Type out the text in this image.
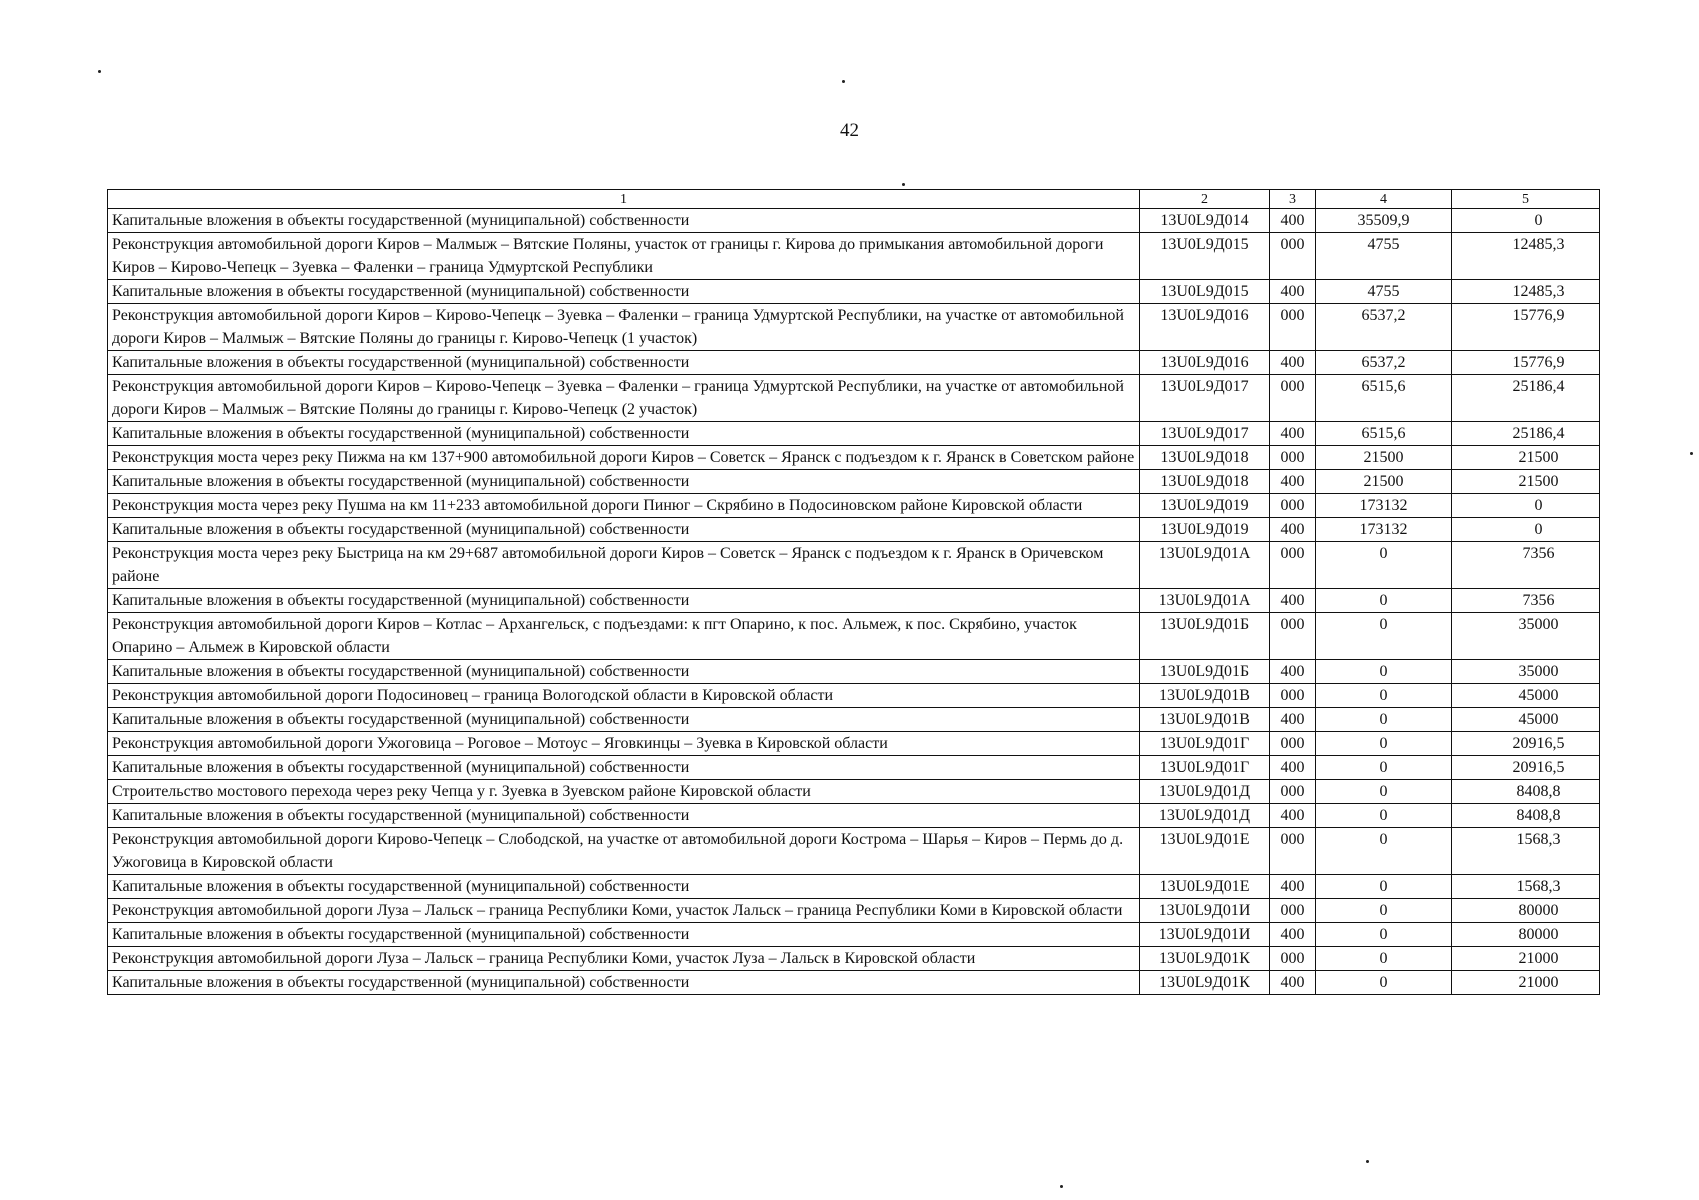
42
1	2	3	4	5
Капитальные вложения в объекты государственной (муниципальной) собственности	13U0L9Д014	400	35509,9	0
Реконструкция автомобильной дороги Киров – Малмыж – Вятские Поляны, участок от границы г. Кирова до примыкания автомобильной дороги Киров – Кирово-Чепецк – Зуевка – Фаленки – граница Удмуртской Республики	13U0L9Д015	000	4755	12485,3
Капитальные вложения в объекты государственной (муниципальной) собственности	13U0L9Д015	400	4755	12485,3
Реконструкция автомобильной дороги Киров – Кирово-Чепецк – Зуевка – Фаленки – граница Удмуртской Республики, на участке от автомобильной дороги Киров – Малмыж – Вятские Поляны до границы г. Кирово-Чепецк (1 участок)	13U0L9Д016	000	6537,2	15776,9
Капитальные вложения в объекты государственной (муниципальной) собственности	13U0L9Д016	400	6537,2	15776,9
Реконструкция автомобильной дороги Киров – Кирово-Чепецк – Зуевка – Фаленки – граница Удмуртской Республики, на участке от автомобильной дороги Киров – Малмыж – Вятские Поляны до границы г. Кирово-Чепецк (2 участок)	13U0L9Д017	000	6515,6	25186,4
Капитальные вложения в объекты государственной (муниципальной) собственности	13U0L9Д017	400	6515,6	25186,4
Реконструкция моста через реку Пижма на км 137+900 автомобильной дороги Киров – Советск – Яранск с подъездом к г. Яранск в Советском районе	13U0L9Д018	000	21500	21500
Капитальные вложения в объекты государственной (муниципальной) собственности	13U0L9Д018	400	21500	21500
Реконструкция моста через реку Пушма на км 11+233 автомобильной дороги Пинюг – Скрябино в Подосиновском районе Кировской области	13U0L9Д019	000	173132	0
Капитальные вложения в объекты государственной (муниципальной) собственности	13U0L9Д019	400	173132	0
Реконструкция моста через реку Быстрица на км 29+687 автомобильной дороги Киров – Советск – Яранск с подъездом к г. Яранск в Оричевском районе	13U0L9Д01А	000	0	7356
Капитальные вложения в объекты государственной (муниципальной) собственности	13U0L9Д01А	400	0	7356
Реконструкция автомобильной дороги Киров – Котлас – Архангельск, с подъездами: к пгт Опарино, к пос. Альмеж, к пос. Скрябино, участок Опарино – Альмеж в Кировской области	13U0L9Д01Б	000	0	35000
Капитальные вложения в объекты государственной (муниципальной) собственности	13U0L9Д01Б	400	0	35000
Реконструкция автомобильной дороги Подосиновец – граница Вологодской области в Кировской области	13U0L9Д01В	000	0	45000
Капитальные вложения в объекты государственной (муниципальной) собственности	13U0L9Д01В	400	0	45000
Реконструкция автомобильной дороги Ужоговица – Роговое – Мотоус – Яговкинцы – Зуевка в Кировской области	13U0L9Д01Г	000	0	20916,5
Капитальные вложения в объекты государственной (муниципальной) собственности	13U0L9Д01Г	400	0	20916,5
Строительство мостового перехода через реку Чепца у г. Зуевка в Зуевском районе Кировской области	13U0L9Д01Д	000	0	8408,8
Капитальные вложения в объекты государственной (муниципальной) собственности	13U0L9Д01Д	400	0	8408,8
Реконструкция автомобильной дороги Кирово-Чепецк – Слободской, на участке от автомобильной дороги Кострома – Шарья – Киров – Пермь до д. Ужоговица в Кировской области	13U0L9Д01Е	000	0	1568,3
Капитальные вложения в объекты государственной (муниципальной) собственности	13U0L9Д01Е	400	0	1568,3
Реконструкция автомобильной дороги Луза – Лальск – граница Республики Коми, участок Лальск – граница Республики Коми в Кировской области	13U0L9Д01И	000	0	80000
Капитальные вложения в объекты государственной (муниципальной) собственности	13U0L9Д01И	400	0	80000
Реконструкция автомобильной дороги Луза – Лальск – граница Республики Коми, участок Луза – Лальск в Кировской области	13U0L9Д01К	000	0	21000
Капитальные вложения в объекты государственной (муниципальной) собственности	13U0L9Д01К	400	0	21000
